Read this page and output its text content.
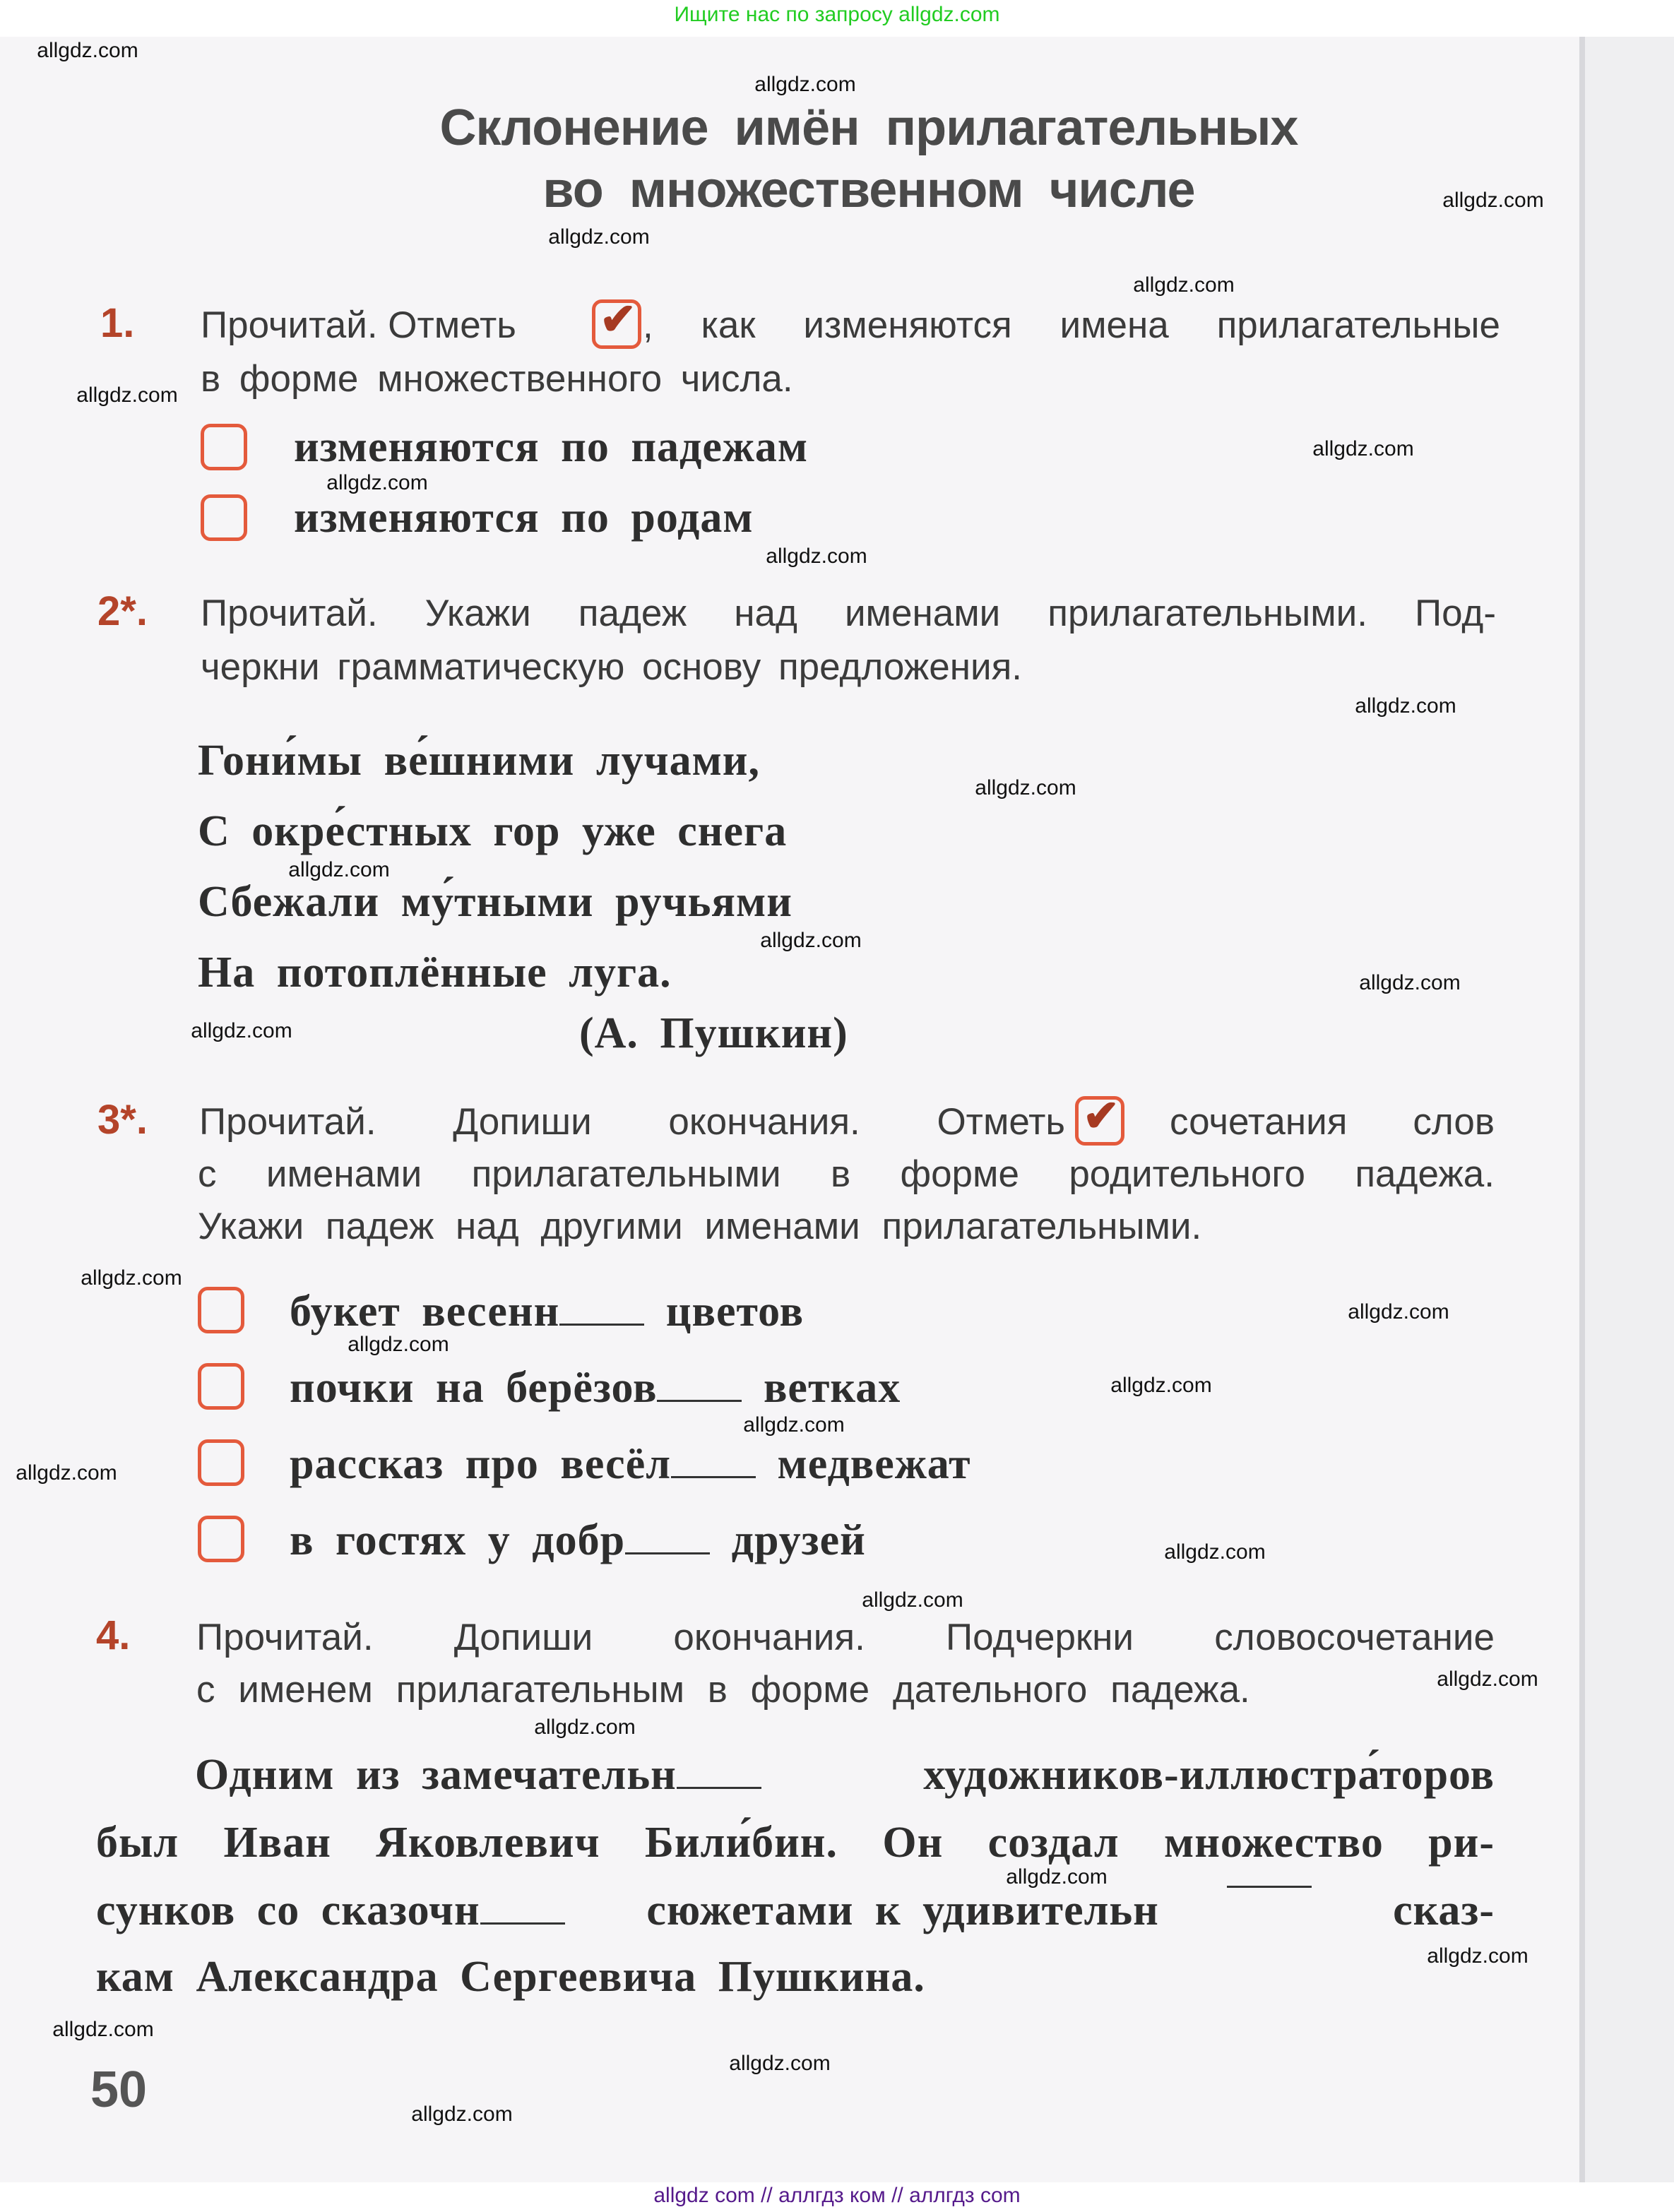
Ищите нас по запросу allgdz.com
Склонение имён прилагательных
во множественном числе
1. Прочитай. Отметь ✔ , как изменяются имена прилагательные
в форме множественного числа.
изменяются по падежам
изменяются по родам
2*. Прочитай. Укажи падеж над именами прилагательными. Под-
черкни грамматическую основу предложения.
Гони́мы ве́шними лучами,
С окре́стных гор уже снега
Сбежали му́тными ручьями
На потоплённые луга.
(А. Пушкин)
3*. Прочитай. Допиши окончания. Отметь ✔ сочетания слов
с именами прилагательными в форме родительного падежа.
Укажи падеж над другими именами прилагательными.
букет весенн цветов
почки на берёзов ветках
рассказ про весёл медвежат
в гостях у добр друзей
4. Прочитай. Допиши окончания. Подчеркни словосочетание
с именем прилагательным в форме дательного падежа.
Одним из замечательн	художников-иллюстра́торов
был Иван Яковлевич Били́бин. Он создал множество ри-
сунков со сказочн	сюжетами к удивительн	сказ-
кам Александра Сергеевича Пушкина.
50
allgdz.com
allgdz.com
allgdz.com
allgdz.com
allgdz.com
allgdz.com
allgdz.com
allgdz.com
allgdz.com
allgdz.com
allgdz.com
allgdz.com
allgdz.com
allgdz.com
allgdz.com
allgdz.com
allgdz.com
allgdz.com
allgdz.com
allgdz.com
allgdz.com
allgdz.com
allgdz.com
allgdz.com
allgdz.com
allgdz.com
allgdz.com
allgdz.com
allgdz.com
allgdz.com
allgdz com // аллгдз ком // аллгдз com
